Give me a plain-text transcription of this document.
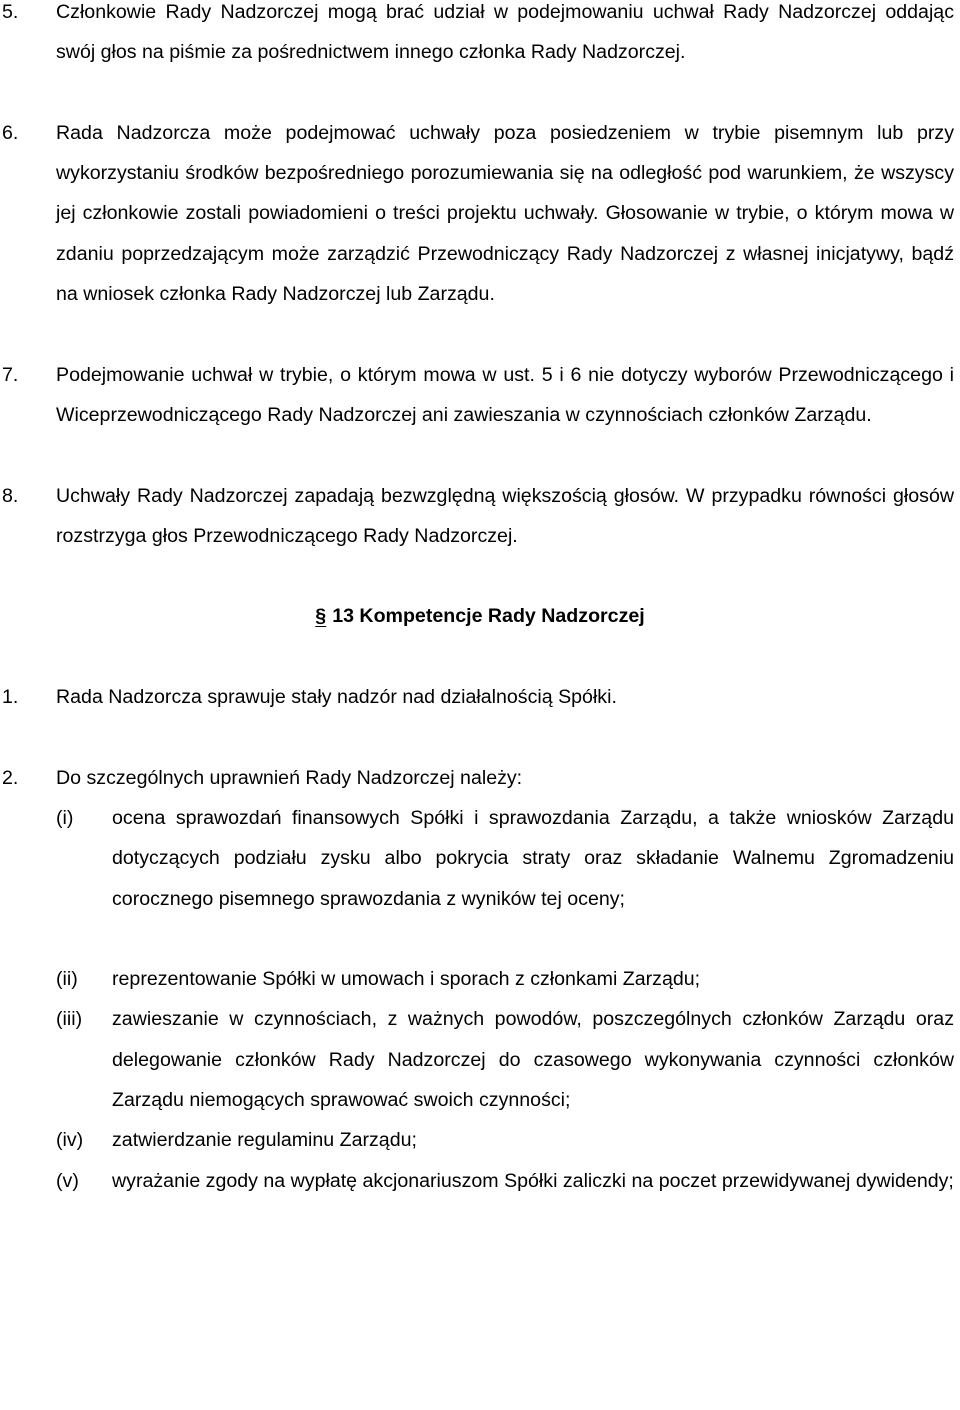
5.	Członkowie Rady Nadzorczej mogą brać udział w podejmowaniu uchwał Rady Nadzorczej oddając swój głos na piśmie za pośrednictwem innego członka Rady Nadzorczej.

6.	Rada Nadzorcza może podejmować uchwały poza posiedzeniem w trybie pisemnym lub przy wykorzystaniu środków bezpośredniego porozumiewania się na odległość pod warunkiem, że wszyscy jej członkowie zostali powiadomieni o treści projektu uchwały. Głosowanie w trybie, o którym mowa w zdaniu poprzedzającym może zarządzić Przewodniczący Rady Nadzorczej z własnej inicjatywy, bądź na wniosek członka Rady Nadzorczej lub Zarządu.

7.	Podejmowanie uchwał w trybie, o którym mowa w ust. 5 i 6 nie dotyczy wyborów Przewodniczącego i Wiceprzewodniczącego Rady Nadzorczej ani zawieszania w czynnościach członków Zarządu.

8.	Uchwały Rady Nadzorczej zapadają bezwzględną większością głosów. W przypadku równości głosów rozstrzyga głos Przewodniczącego Rady Nadzorczej.

§ 13 Kompetencje Rady Nadzorczej

1.	Rada Nadzorcza sprawuje stały nadzór nad działalnością Spółki.

2.	Do szczególnych uprawnień Rady Nadzorczej należy:

(i)	ocena sprawozdań finansowych Spółki i sprawozdania Zarządu, a także wniosków Zarządu dotyczących podziału zysku albo pokrycia straty oraz składanie Walnemu Zgromadzeniu corocznego pisemnego sprawozdania z wyników tej oceny;
(ii)	reprezentowanie Spółki w umowach i sporach z członkami Zarządu;
(iii)	zawieszanie w czynnościach, z ważnych powodów, poszczególnych członków Zarządu oraz delegowanie członków Rady Nadzorczej do czasowego wykonywania czynności członków Zarządu niemogących sprawować swoich czynności;
(iv)	zatwierdzanie regulaminu Zarządu;
(v)	wyrażanie zgody na wypłatę akcjonariuszom Spółki zaliczki na poczet przewidywanej dywidendy;
